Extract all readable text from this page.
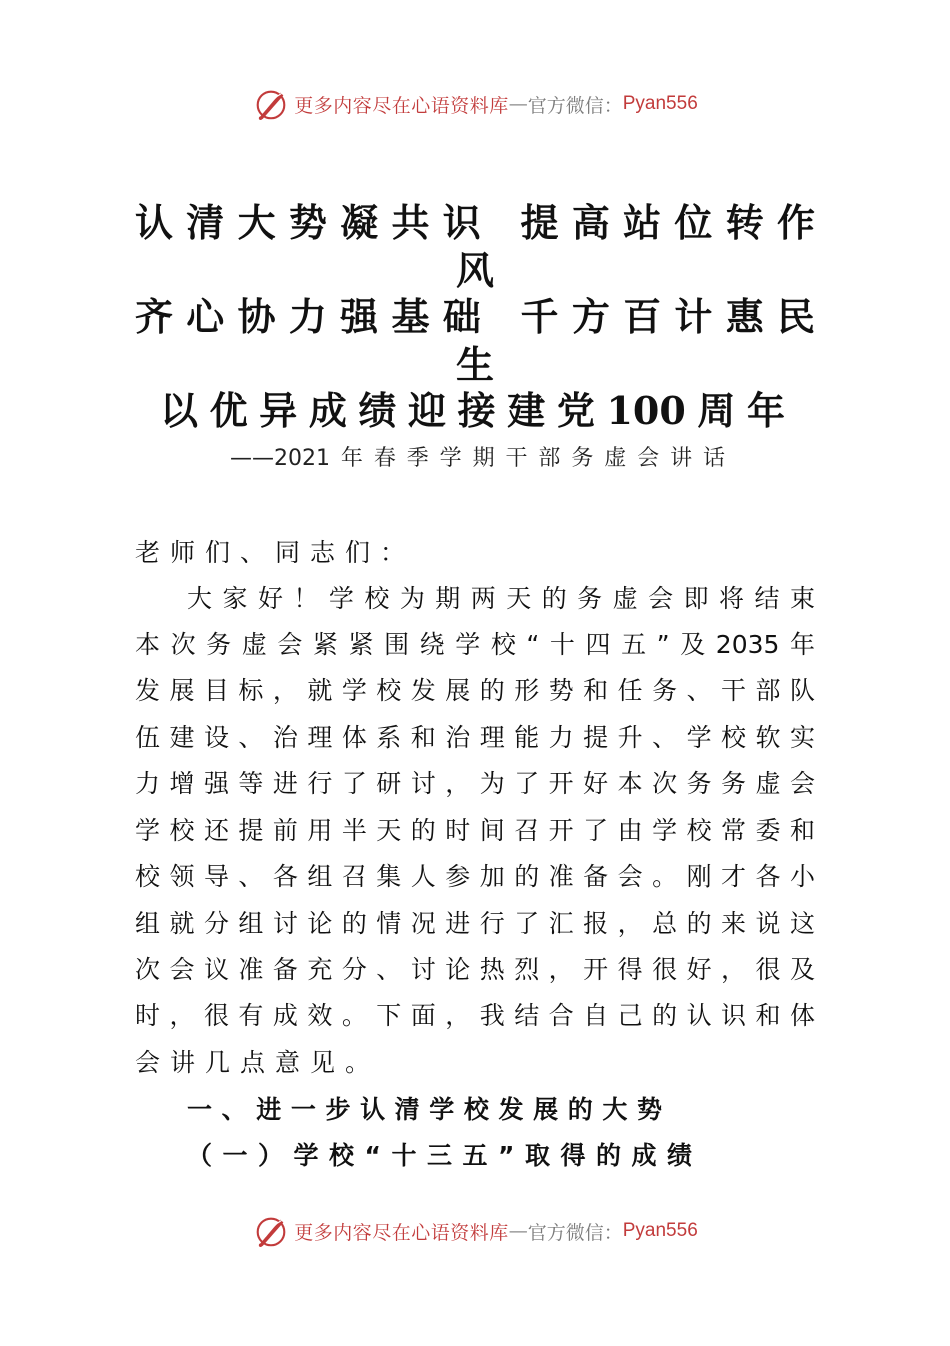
更多内容尽在心语资料库 — 官方微信： Pyan556
认清大势凝共识 提高站位转作
风
齐心协力强基础 千方百计惠民
生
以优异成绩迎接建党100周年
——2021年春季学期干部务虚会讲话
老师们、同志们：
大家好！学校为期两天的务虚会即将结束
本次务虚会紧紧围绕学校“十四五”及2035年
发展目标，就学校发展的形势和任务、干部队
伍建设、治理体系和治理能力提升、学校软实
力增强等进行了研讨，为了开好本次务务虚会
学校还提前用半天的时间召开了由学校常委和
校领导、各组召集人参加的准备会。刚才各小
组就分组讨论的情况进行了汇报，总的来说这
次会议准备充分、讨论热烈，开得很好，很及
时，很有成效。下面，我结合自己的认识和体
会讲几点意见。
一、进一步认清学校发展的大势
（一）学校“十三五”取得的成绩
更多内容尽在心语资料库 — 官方微信： Pyan556
